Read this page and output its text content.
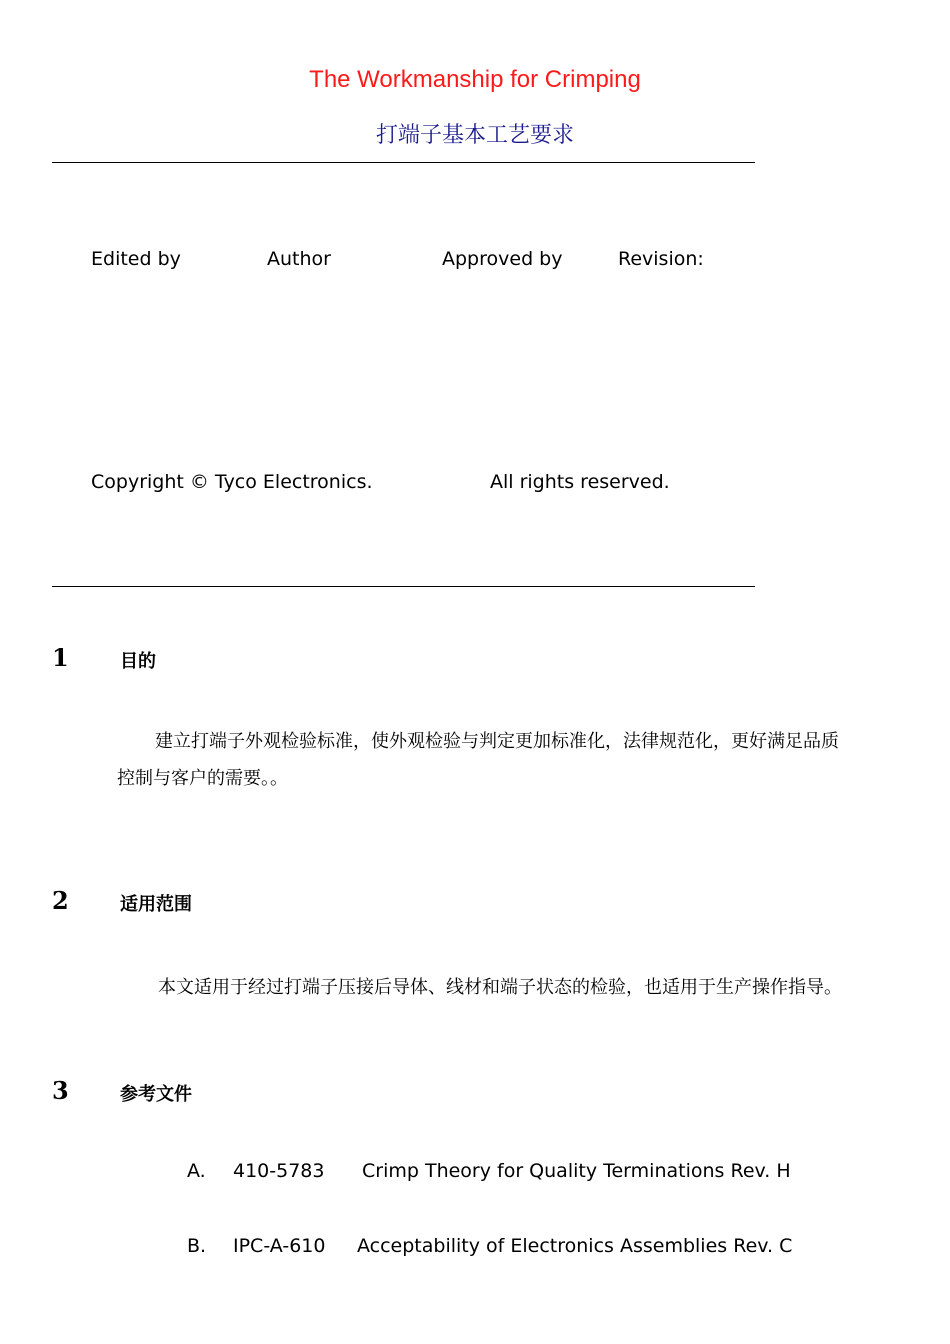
The Workmanship for Crimping
打端子基本工艺要求
Edited by	Author	Approved by	Revision:
Copyright © Tyco Electronics.	All rights reserved.
1	目的
建立打端子外观检验标准，使外观检验与判定更加标准化，法律规范化，更好满足品质
控制与客户的需要。。
2	适用范围
本文适用于经过打端子压接后导体、线材和端子状态的检验，也适用于生产操作指导。
3	参考文件
A. 410-5783 Crimp Theory for Quality Terminations Rev. H
B. IPC-A-610 Acceptability of Electronics Assemblies Rev. C
